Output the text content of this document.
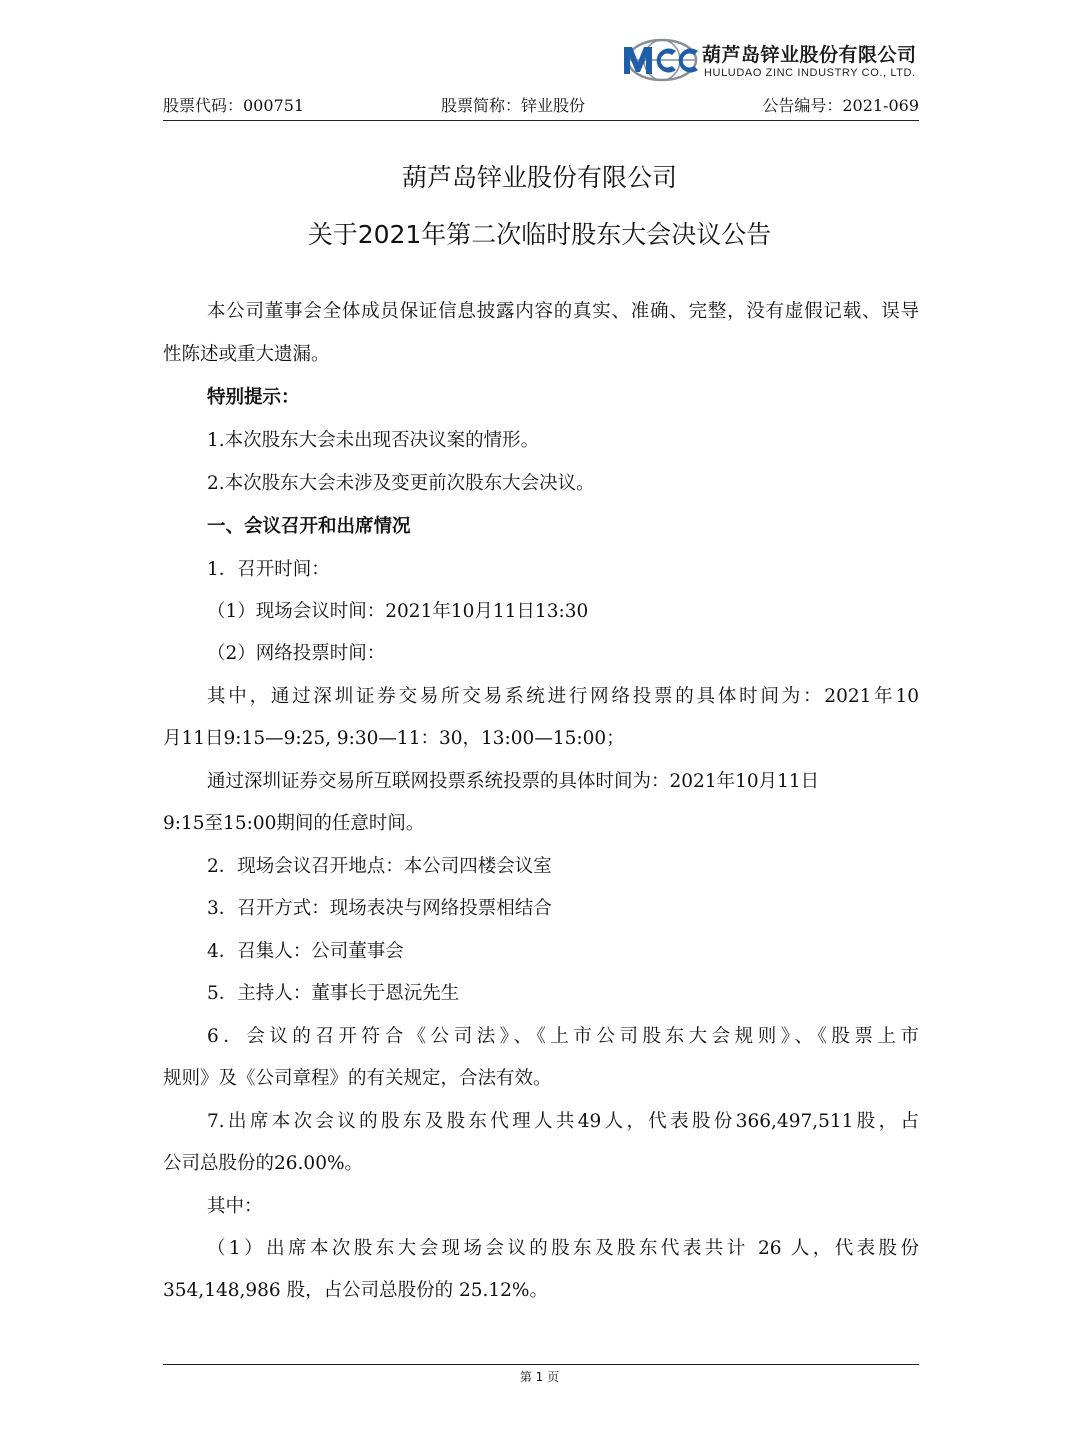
葫芦岛锌业股份有限公司
HULUDAO ZINC INDUSTRY CO., LTD.
股票代码：000751	股票简称：锌业股份	公告编号：2021-069
葫芦岛锌业股份有限公司
关于2021年第二次临时股东大会决议公告
本公司董事会全体成员保证信息披露内容的真实、准确、完整，没有虚假记载、误导
性陈述或重大遗漏。
特别提示：
1.本次股东大会未出现否决议案的情形。
2.本次股东大会未涉及变更前次股东大会决议。
一、会议召开和出席情况
1．召开时间：
（1）现场会议时间：2021年10月11日13:30
（2）网络投票时间：
其中，通过深圳证券交易所交易系统进行网络投票的具体时间为：2021年10
月11日9:15—9:25, 9:30—11：30，13:00—15:00；
通过深圳证券交易所互联网投票系统投票的具体时间为：2021年10月11日
9:15至15:00期间的任意时间。
2．现场会议召开地点：本公司四楼会议室
3．召开方式：现场表决与网络投票相结合
4．召集人：公司董事会
5．主持人：董事长于恩沅先生
6．会议的召开符合《公司法》、《上市公司股东大会规则》、《股票上市
规则》及《公司章程》的有关规定，合法有效。
7.出席本次会议的股东及股东代理人共49人，代表股份366,497,511股，占
公司总股份的26.00%。
其中：
（1）出席本次股东大会现场会议的股东及股东代表共计 26 人，代表股份
354,148,986 股，占公司总股份的 25.12%。
第 1 页
